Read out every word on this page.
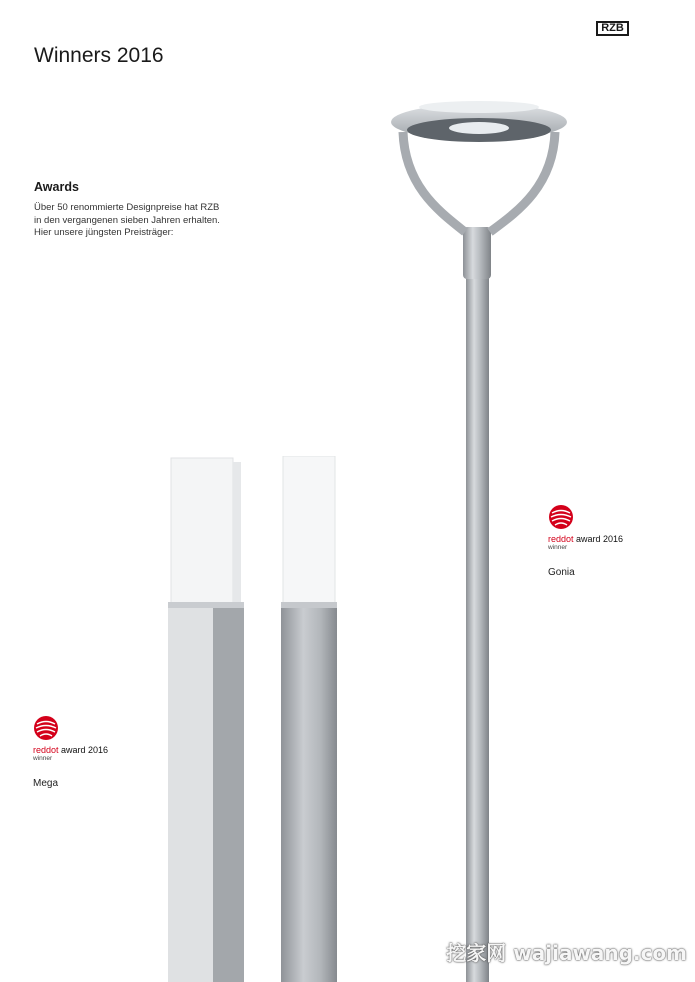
Winners 2016
RZB
Awards
Über 50 renommierte Designpreise hat RZB
in den vergangenen sieben Jahren erhalten.
Hier unsere jüngsten Preisträger:
reddot award 2016
winner
Gonia
reddot award 2016
winner
Mega
挖家网 wajiawang.com
